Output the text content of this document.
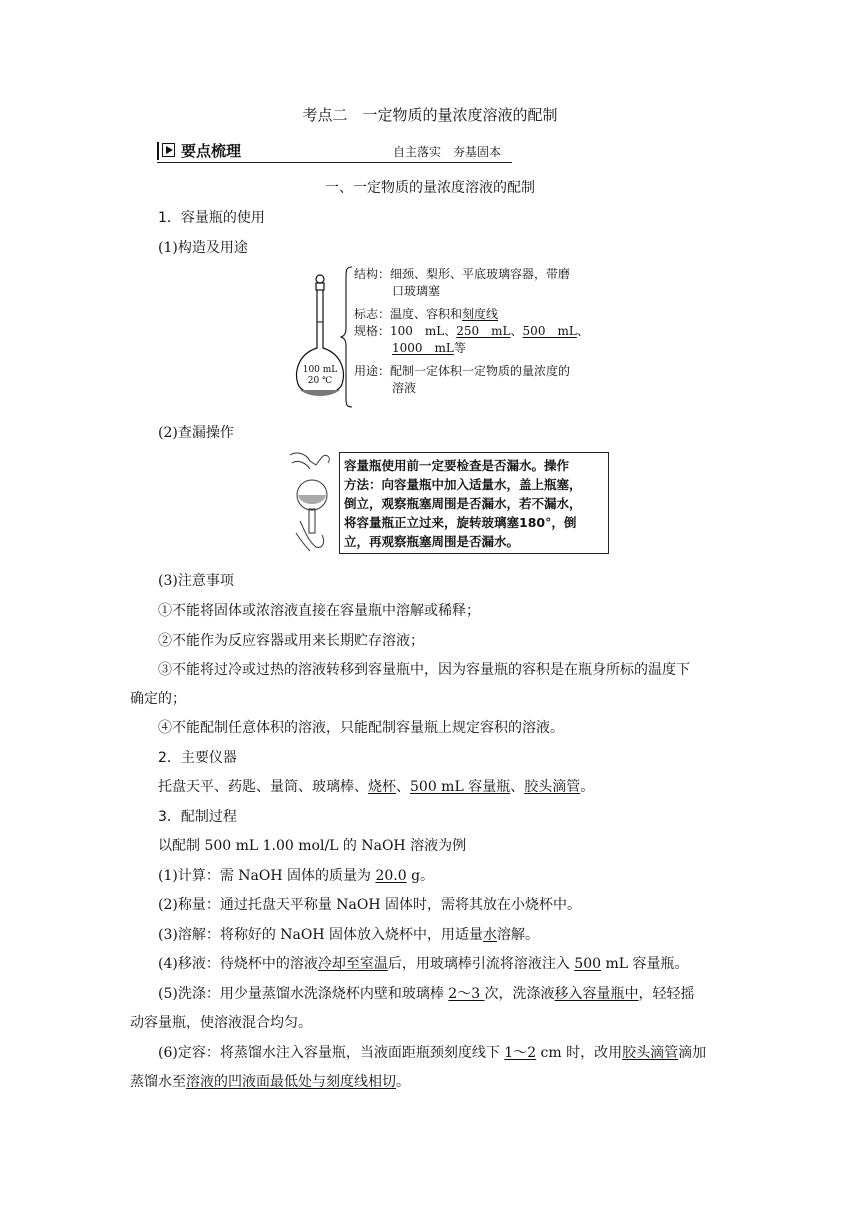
考点二　一定物质的量浓度溶液的配制
要点梳理	自主落实　夯基固本
一、一定物质的量浓度溶液的配制
1．容量瓶的使用
(1)构造及用途
100 mL
20 ℃
结构：细颈、梨形、平底玻璃容器，带磨
口玻璃塞
标志：温度、容积和刻度线
规格：100　mL、250　mL、500　mL、
1000　mL等
用途：配制一定体积一定物质的量浓度的
溶液
(2)查漏操作
容量瓶使用前一定要检查是否漏水。操作
方法：向容量瓶中加入适量水，盖上瓶塞，
倒立，观察瓶塞周围是否漏水，若不漏水，
将容量瓶正立过来，旋转玻璃塞180°，倒
立，再观察瓶塞周围是否漏水。
(3)注意事项
①不能将固体或浓溶液直接在容量瓶中溶解或稀释；
②不能作为反应容器或用来长期贮存溶液；
③不能将过冷或过热的溶液转移到容量瓶中，因为容量瓶的容积是在瓶身所标的温度下
确定的；
④不能配制任意体积的溶液，只能配制容量瓶上规定容积的溶液。
2．主要仪器
托盘天平、药匙、量筒、玻璃棒、烧杯、500 mL 容量瓶、胶头滴管。
3．配制过程
以配制 500 mL 1.00 mol/L 的 NaOH 溶液为例
(1)计算：需 NaOH 固体的质量为 20.0 g。
(2)称量：通过托盘天平称量 NaOH 固体时，需将其放在小烧杯中。
(3)溶解：将称好的 NaOH 固体放入烧杯中，用适量水溶解。
(4)移液：待烧杯中的溶液冷却至室温后，用玻璃棒引流将溶液注入 500 mL 容量瓶。
(5)洗涤：用少量蒸馏水洗涤烧杯内壁和玻璃棒 2～3 次，洗涤液移入容量瓶中，轻轻摇
动容量瓶，使溶液混合均匀。
(6)定容：将蒸馏水注入容量瓶，当液面距瓶颈刻度线下 1～2 cm 时，改用胶头滴管滴加
蒸馏水至溶液的凹液面最低处与刻度线相切。
